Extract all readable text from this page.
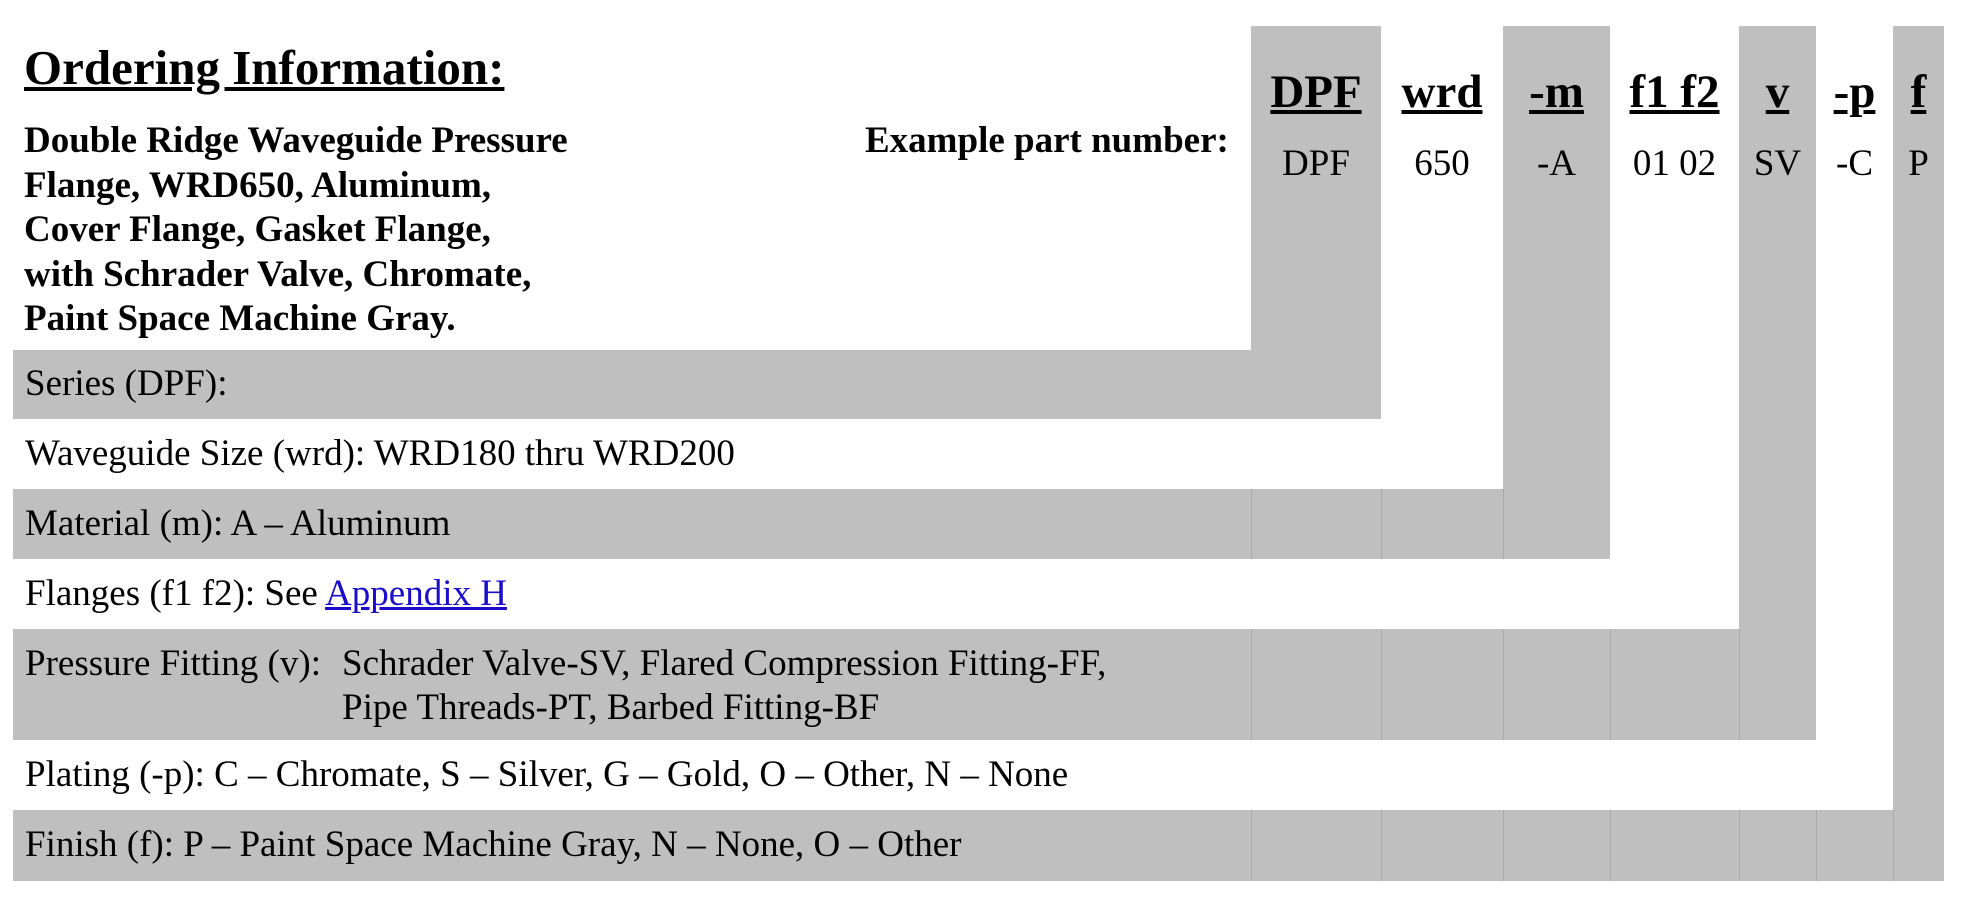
DPF
DPF
wrd
650
-m
-A
f1 f2
01 02
v
SV
-p
-C
f
P
Ordering Information:
Double Ridge Waveguide Pressure
Flange, WRD650, Aluminum,
Cover Flange, Gasket Flange,
with Schrader Valve, Chromate,
Paint Space Machine Gray.
Example part number:
Series (DPF):
Waveguide Size (wrd): WRD180 thru WRD200
Material (m): A – Aluminum
Flanges (f1 f2): See Appendix H
Pressure Fitting (v): Schrader Valve-SV, Flared Compression Fitting-FF,
Pipe Threads-PT, Barbed Fitting-BF
Plating (-p): C – Chromate, S – Silver, G – Gold, O – Other, N – None
Finish (f): P – Paint Space Machine Gray, N – None, O – Other
